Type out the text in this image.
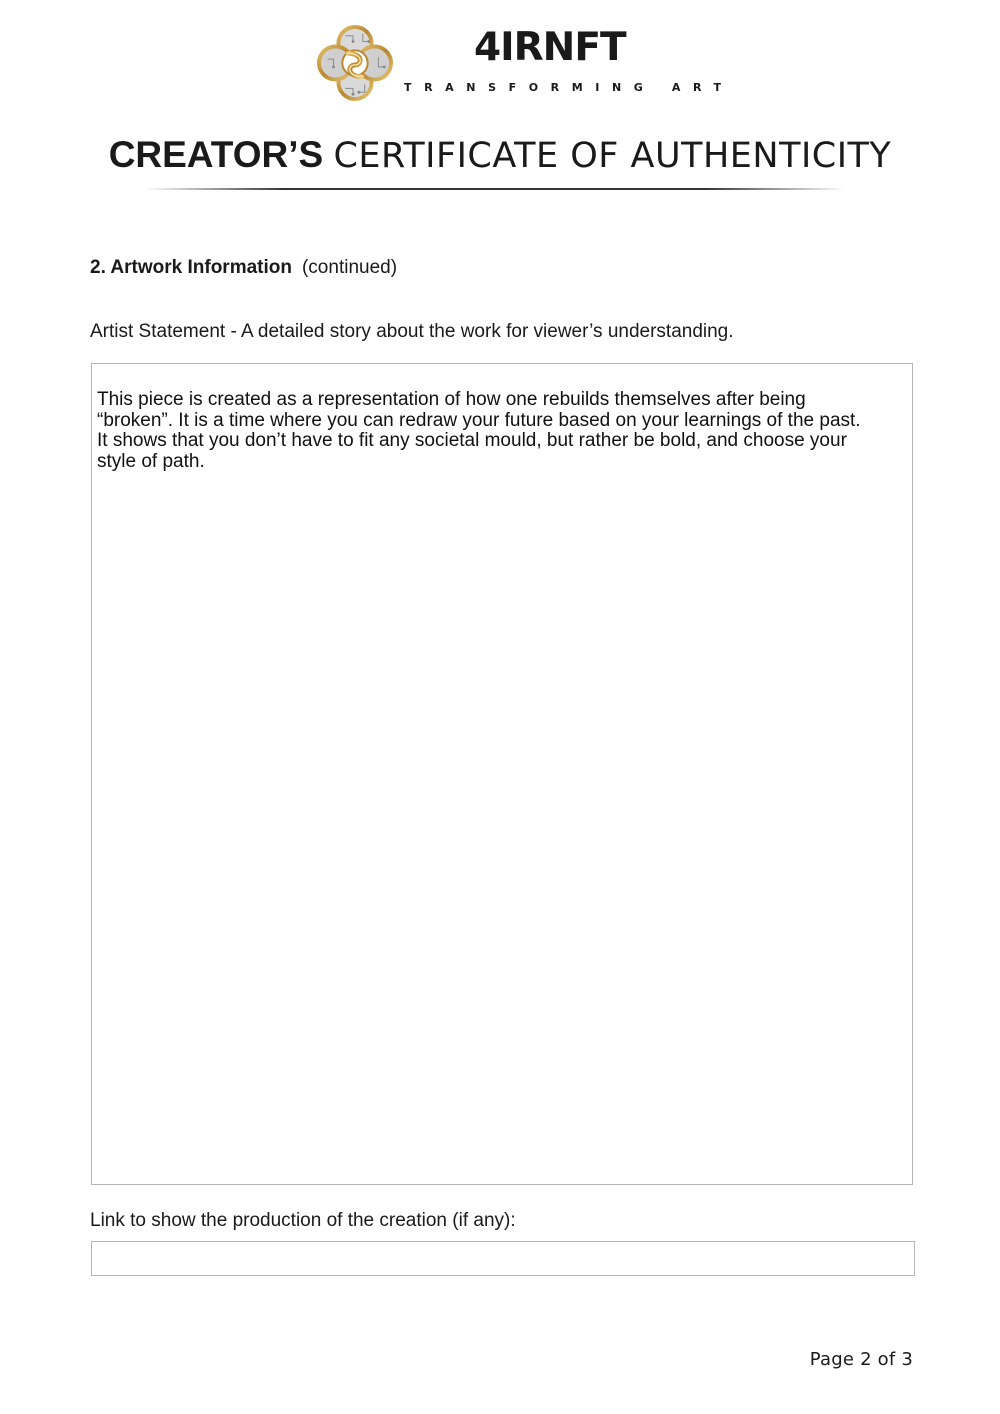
4IRNFT
TRANSFORMING ART
CREATOR’S CERTIFICATE OF AUTHENTICITY
2. Artwork Information (continued)
Artist Statement - A detailed story about the work for viewer’s understanding.

This piece is created as a representation of how one rebuilds themselves after being
“broken”. It is a time where you can redraw your future based on your learnings of the past.
It shows that you don’t have to fit any societal mould, but rather be bold, and choose your
style of path.

Link to show the production of the creation (if any):
Page 2 of 3
